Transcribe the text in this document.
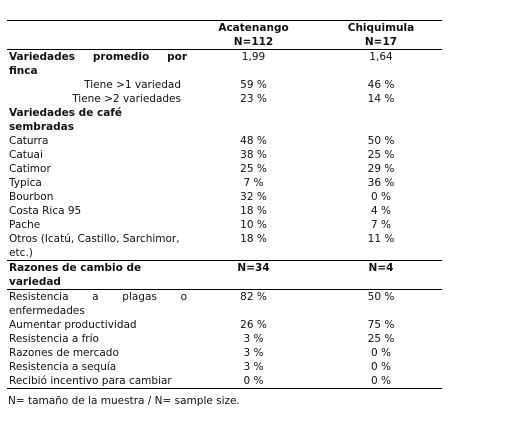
	Acatenango	Chiquimula
	N=112	N=17
Variedades promedio por finca	1,99	1,64
Tiene >1 variedad	59 %	46 %
Tiene >2 variedades	23 %	14 %
Variedades de café sembradas		
Caturra	48 %	50 %
Catuai	38 %	25 %
Catimor	25 %	29 %
Typica	7 %	36 %
Bourbon	32 %	0 %
Costa Rica 95	18 %	4 %
Pache	10 %	7 %
Otros (Icatú, Castillo, Sarchimor, etc.)	18 %	11 %
Razones de cambio de variedad	N=34	N=4
Resistencia a plagas o enfermedades	82 %	50 %
Aumentar productividad	26 %	75 %
Resistencia a frío	3 %	25 %
Razones de mercado	3 %	0 %
Resistencia a sequía	3 %	0 %
Recibió incentivo para cambiar	0 %	0 %
N= tamaño de la muestra / N= sample size.
